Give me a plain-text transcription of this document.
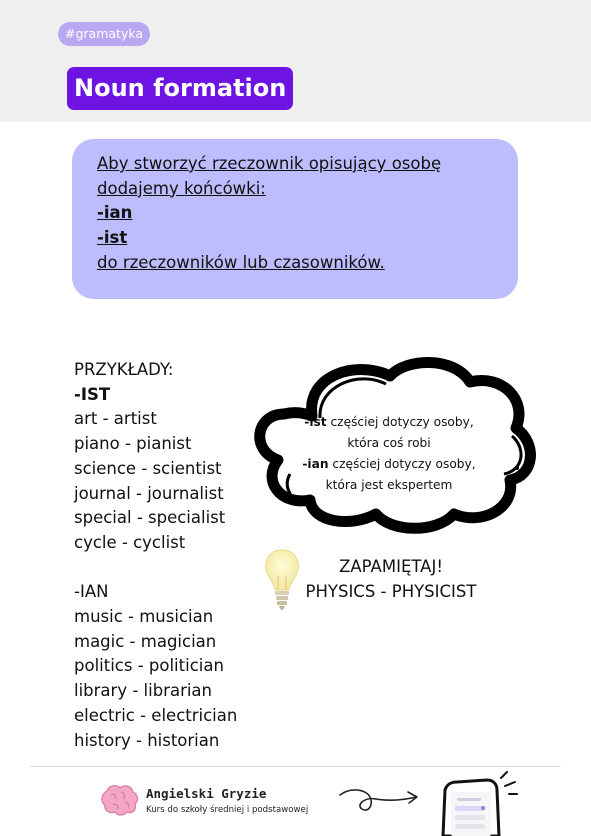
#gramatyka
Noun formation
Aby stworzyć rzeczownik opisujący osobę
dodajemy końcówki:
-ian
-ist
do rzeczowników lub czasowników.
PRZYKŁADY:
-IST
art - artist
piano - pianist
science - scientist
journal - journalist
special - specialist
cycle - cyclist
-IAN
music - musician
magic - magician
politics - politician
library - librarian
electric - electrician
history - historian
-ist częściej dotyczy osoby,
która coś robi
-ian częściej dotyczy osoby,
która jest ekspertem
ZAPAMIĘTAJ!
PHYSICS - PHYSICIST
Angielski Gryzie
Kurs do szkoły średniej i podstawowej
